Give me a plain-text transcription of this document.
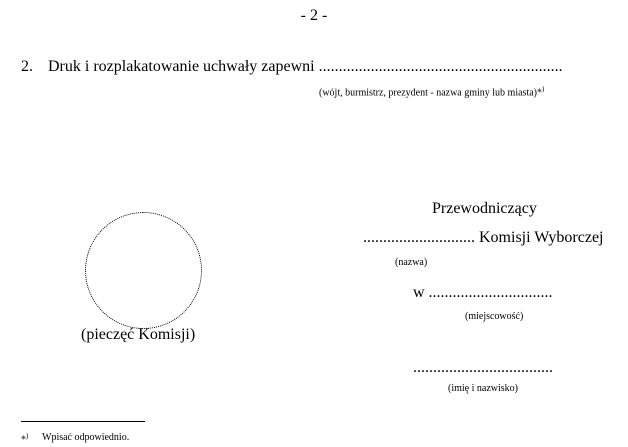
- 2 -
2. Druk i rozplakatowanie uchwały zapewni .............................................................
(wójt, burmistrz, prezydent - nazwa gminy lub miasta)*)
(pieczęć Komisji)
Przewodniczący
............................ Komisji Wyborczej
(nazwa)
w ...............................
(miejscowość)
...................................
(imię i nazwisko)
*) Wpisać odpowiednio.
